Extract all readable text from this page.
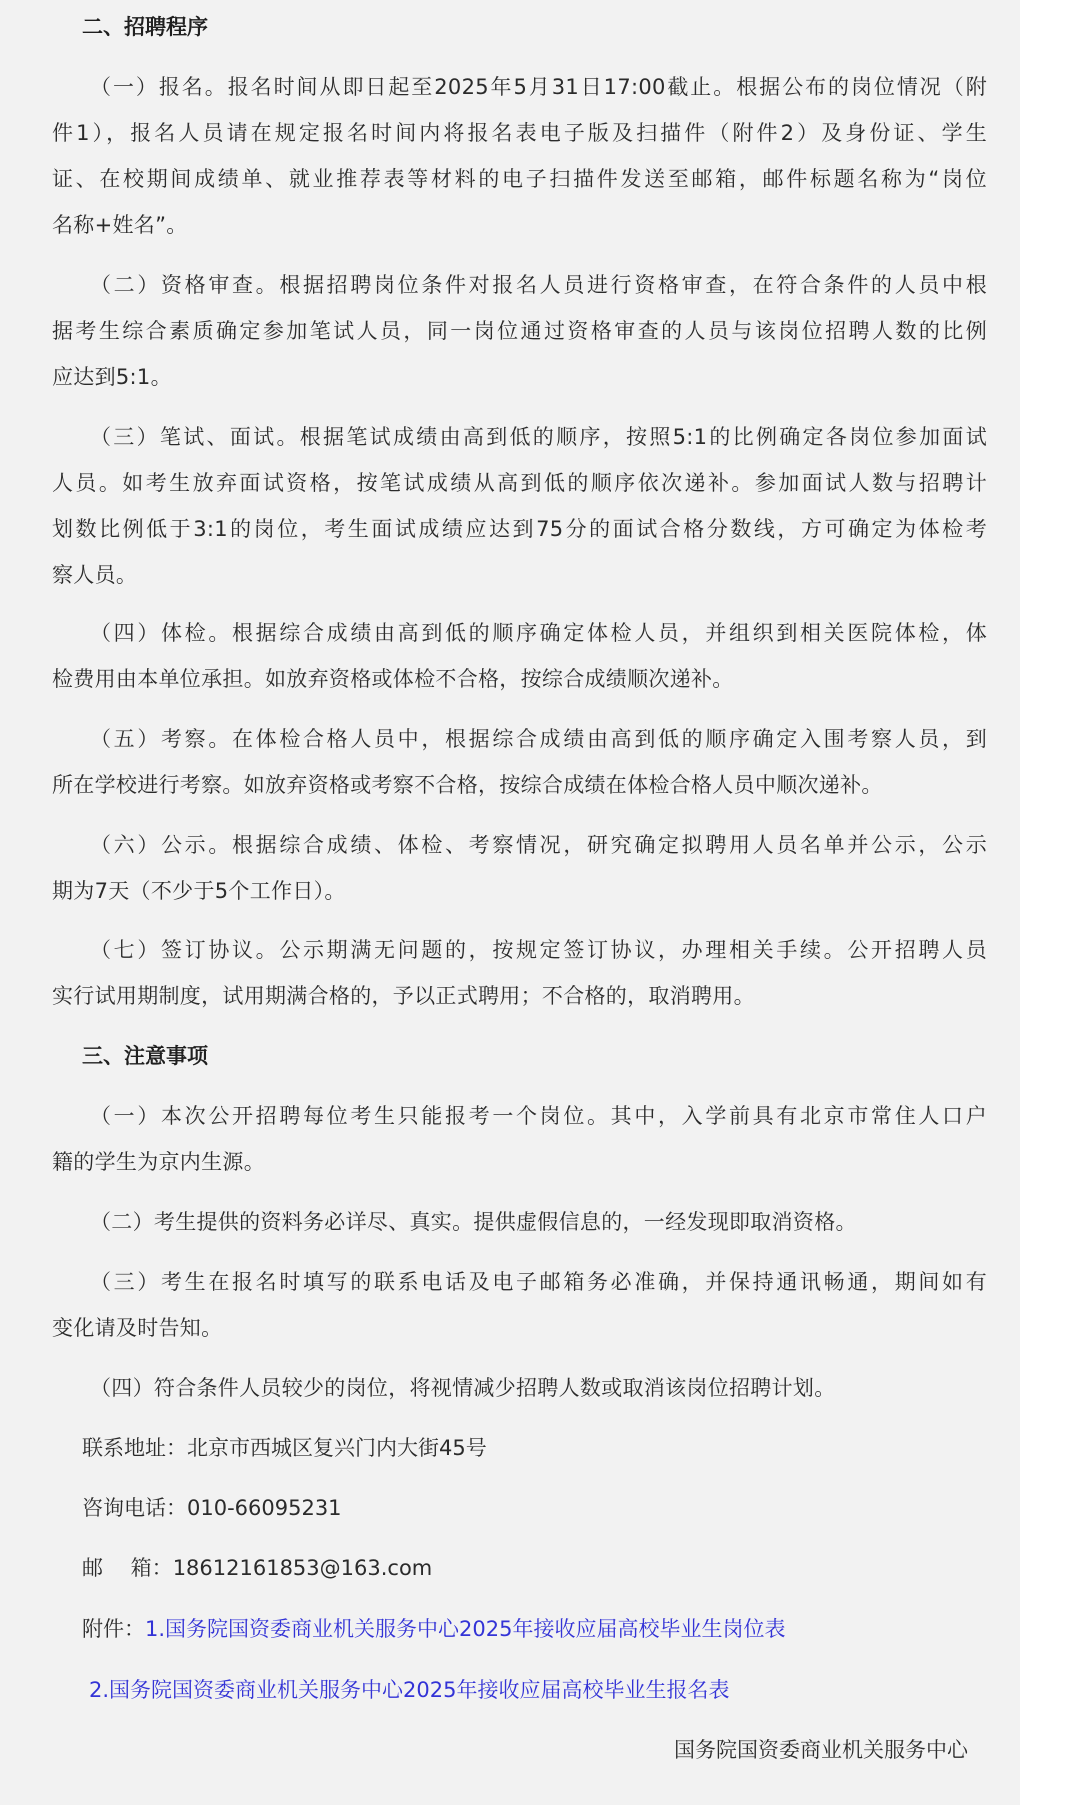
二、招聘程序
（一）报名。报名时间从即日起至2025年5月31日17:00截止。根据公布的岗位情况（附
件1），报名人员请在规定报名时间内将报名表电子版及扫描件（附件2）及身份证、学生
证、在校期间成绩单、就业推荐表等材料的电子扫描件发送至邮箱，邮件标题名称为“岗位
名称+姓名”。
（二）资格审查。根据招聘岗位条件对报名人员进行资格审查，在符合条件的人员中根
据考生综合素质确定参加笔试人员，同一岗位通过资格审查的人员与该岗位招聘人数的比例
应达到5:1。
（三）笔试、面试。根据笔试成绩由高到低的顺序，按照5:1的比例确定各岗位参加面试
人员。如考生放弃面试资格，按笔试成绩从高到低的顺序依次递补。参加面试人数与招聘计
划数比例低于3:1的岗位，考生面试成绩应达到75分的面试合格分数线，方可确定为体检考
察人员。
（四）体检。根据综合成绩由高到低的顺序确定体检人员，并组织到相关医院体检，体
检费用由本单位承担。如放弃资格或体检不合格，按综合成绩顺次递补。
（五）考察。在体检合格人员中，根据综合成绩由高到低的顺序确定入围考察人员，到
所在学校进行考察。如放弃资格或考察不合格，按综合成绩在体检合格人员中顺次递补。
（六）公示。根据综合成绩、体检、考察情况，研究确定拟聘用人员名单并公示，公示
期为7天（不少于5个工作日）。
（七）签订协议。公示期满无问题的，按规定签订协议，办理相关手续。公开招聘人员
实行试用期制度，试用期满合格的，予以正式聘用；不合格的，取消聘用。
三、注意事项
（一）本次公开招聘每位考生只能报考一个岗位。其中，入学前具有北京市常住人口户
籍的学生为京内生源。
（二）考生提供的资料务必详尽、真实。提供虚假信息的，一经发现即取消资格。
（三）考生在报名时填写的联系电话及电子邮箱务必准确，并保持通讯畅通，期间如有
变化请及时告知。
（四）符合条件人员较少的岗位，将视情减少招聘人数或取消该岗位招聘计划。
联系地址：北京市西城区复兴门内大街45号
咨询电话：010-66095231
邮　 箱：18612161853@163.com
附件：1.国务院国资委商业机关服务中心2025年接收应届高校毕业生岗位表
2.国务院国资委商业机关服务中心2025年接收应届高校毕业生报名表
国务院国资委商业机关服务中心
